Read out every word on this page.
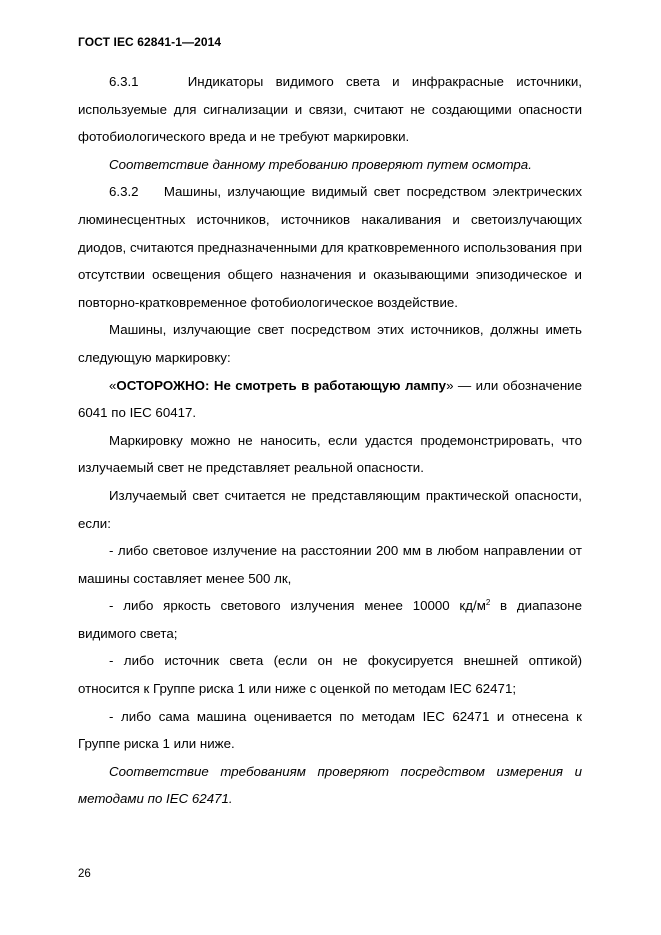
ГОСТ IEC 62841-1—2014

6.3.1	Индикаторы видимого света и инфракрасные источники, используемые для сигнализации и связи, считают не создающими опасности фотобиологического вреда и не требуют маркировки.

Соответствие данному требованию проверяют путем осмотра.

6.3.2 Машины, излучающие видимый свет посредством электрических люминесцентных источников, источников накаливания и светоизлучающих диодов, считаются предназначенными для кратковременного использования при отсутствии освещения общего назначения и оказывающими эпизодическое и повторно-кратковременное фотобиологическое воздействие.

Машины, излучающие свет посредством этих источников, должны иметь следующую маркировку:

«ОСТОРОЖНО: Не смотреть в работающую лампу» — или обозначение 6041 по IEC 60417.

Маркировку можно не наносить, если удастся продемонстрировать, что излучаемый свет не представляет реальной опасности.

Излучаемый свет считается не представляющим практической опасности, если:

- либо световое излучение на расстоянии 200 мм в любом направлении от машины составляет менее 500 лк,

- либо яркость светового излучения менее 10000 $кд/м^2$ в диапазоне видимого света;

- либо источник света (если он не фокусируется внешней оптикой) относится к Группе риска 1 или ниже с оценкой по методам IEC 62471;

- либо сама машина оценивается по методам IEC 62471 и отнесена к Группе риска 1 или ниже.

Соответствие требованиям проверяют посредством измерения и методами по IEC 62471.

26
